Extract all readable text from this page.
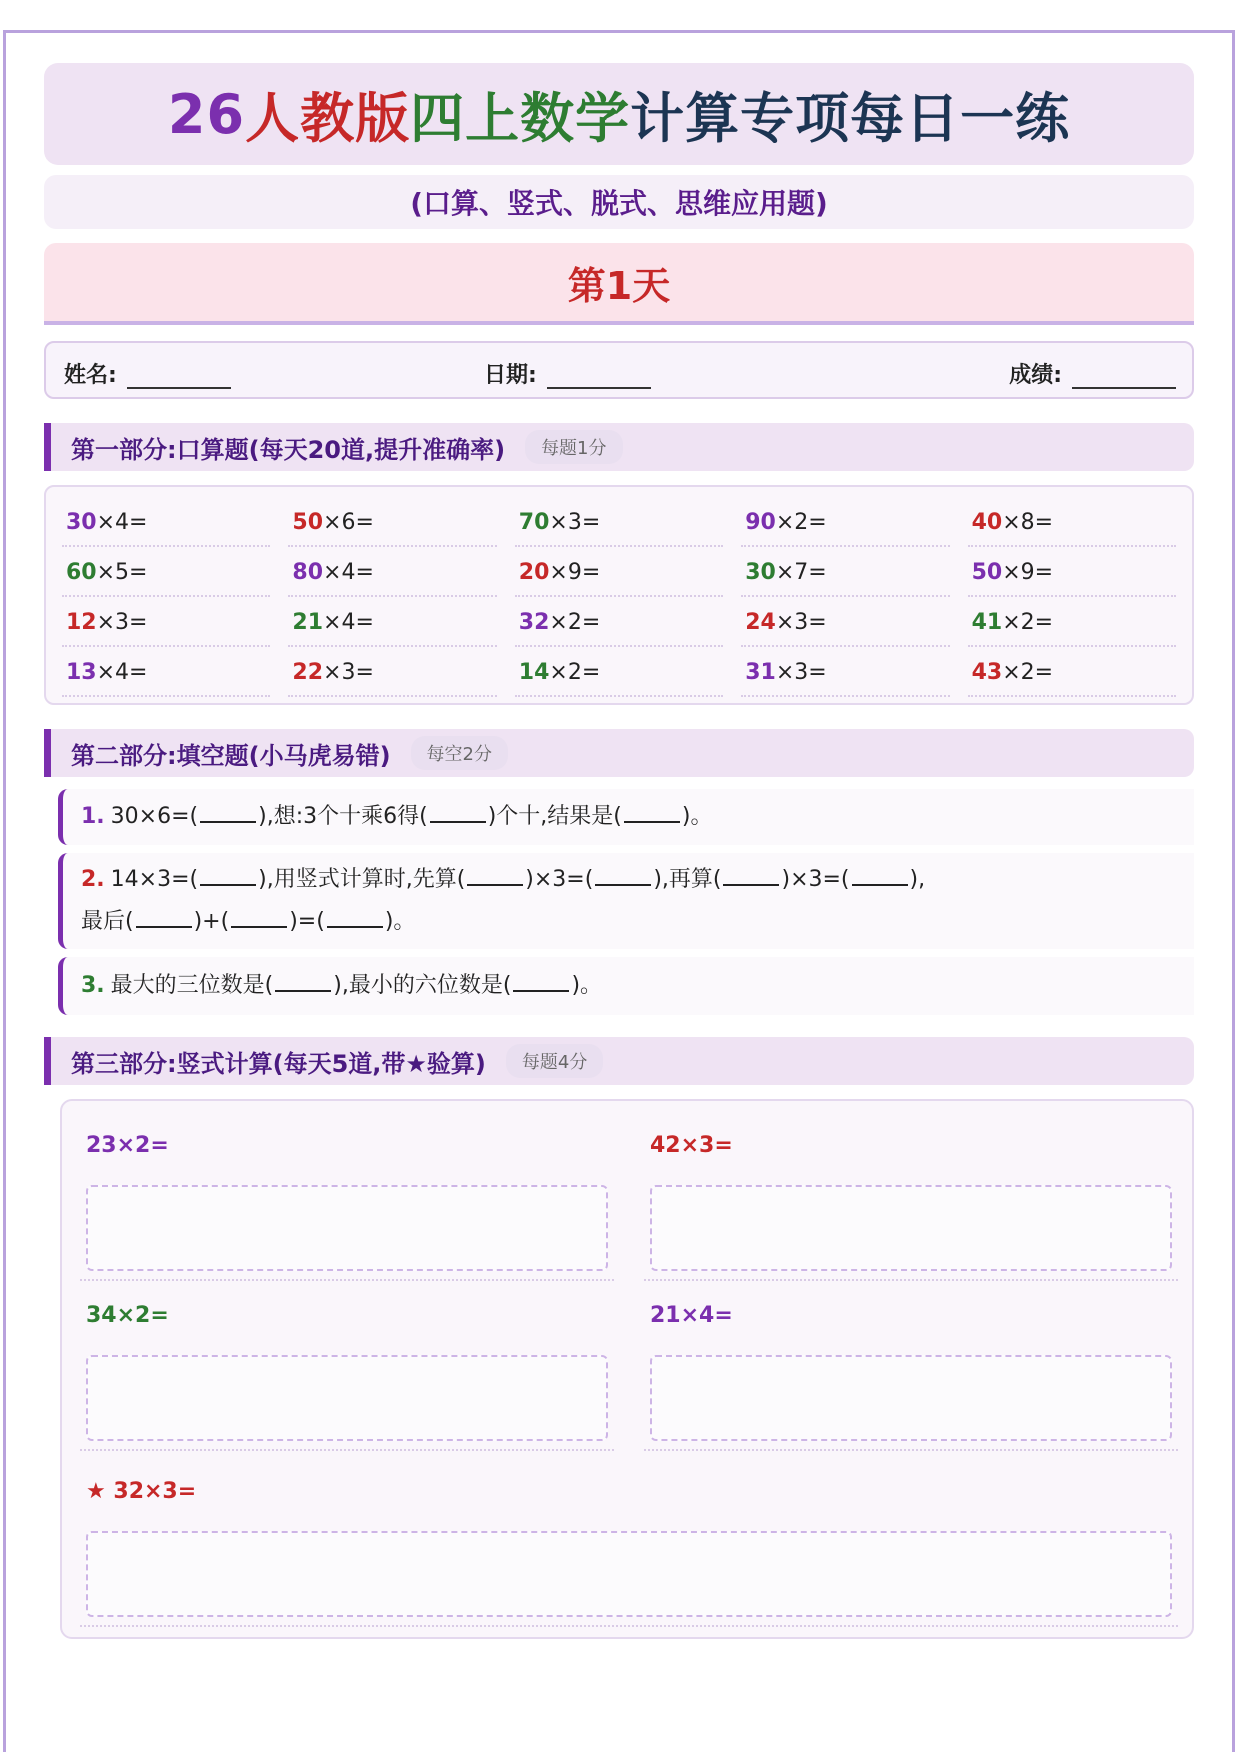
26 人教版 四上数学 计算专项每日一练
(口算、竖式、脱式、思维应用题)
第1天
姓名:	日期:	成绩:
第一部分:口算题(每天20道,提升准确率)	每题1分
30 ×4=	50 ×6=	70 ×3=	90 ×2=	40 ×8=
60 ×5=	80 ×4=	20 ×9=	30 ×7=	50 ×9=
12 ×3=	21 ×4=	32 ×2=	24 ×3=	41 ×2=
13 ×4=	22 ×3=	14 ×2=	31 ×3=	43 ×2=
第二部分:填空题(小马虎易错)	每空2分
1. 30×6=(	),想:3个十乘6得(	)个十,结果是(	)。
2. 14×3=(	),用竖式计算时,先算(	)×3=(	),再算(	)×3=(	),
最后(	)+(	)=(	)。
3. 最大的三位数是(	),最小的六位数是(	)。
第三部分:竖式计算(每天5道,带★验算)	每题4分
23×2=	42×3=
34×2=	21×4=
★ 32×3=
